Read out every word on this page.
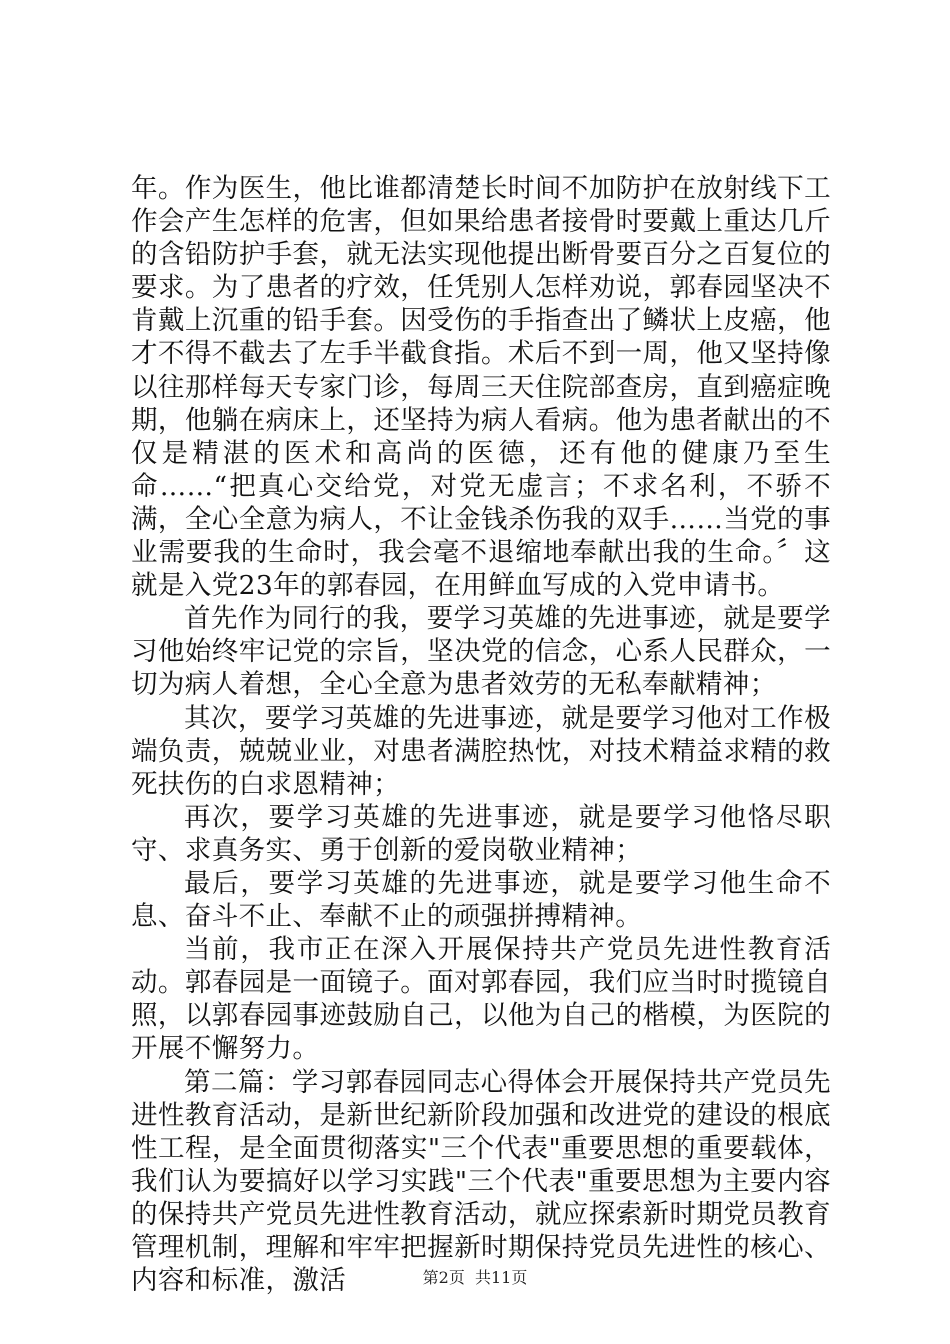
年。作为医生，他比谁都清楚长时间不加防护在放射线下工作会产生怎样的危害，但如果给患者接骨时要戴上重达几斤的含铅防护手套，就无法实现他提出断骨要百分之百复位的要求。为了患者的疗效，任凭别人怎样劝说，郭春园坚决不肯戴上沉重的铅手套。因受伤的手指查出了鳞状上皮癌，他才不得不截去了左手半截食指。术后不到一周，他又坚持像以往那样每天专家门诊，每周三天住院部查房，直到癌症晚期，他躺在病床上，还坚持为病人看病。他为患者献出的不仅是精湛的医术和高尚的医德，还有他的健康乃至生命……“把真心交给党，对党无虚言；不求名利，不骄不满，全心全意为病人，不让金钱杀伤我的双手……当党的事业需要我的生命时，我会毫不退缩地奉献出我的生命。〞这就是入党23年的郭春园，在用鲜血写成的入党申请书。

首先作为同行的我，要学习英雄的先进事迹，就是要学习他始终牢记党的宗旨，坚决党的信念，心系人民群众，一切为病人着想，全心全意为患者效劳的无私奉献精神；

其次，要学习英雄的先进事迹，就是要学习他对工作极端负责，兢兢业业，对患者满腔热忱，对技术精益求精的救死扶伤的白求恩精神；

再次，要学习英雄的先进事迹，就是要学习他恪尽职守、求真务实、勇于创新的爱岗敬业精神；

最后，要学习英雄的先进事迹，就是要学习他生命不息、奋斗不止、奉献不止的顽强拼搏精神。

当前，我市正在深入开展保持共产党员先进性教育活动。郭春园是一面镜子。面对郭春园，我们应当时时揽镜自照，以郭春园事迹鼓励自己，以他为自己的楷模，为医院的开展不懈努力。

第二篇：学习郭春园同志心得体会开展保持共产党员先进性教育活动，是新世纪新阶段加强和改进党的建设的根底性工程，是全面贯彻落实"三个代表"重要思想的重要载体，我们认为要搞好以学习实践"三个代表"重要思想为主要内容的保持共产党员先进性教育活动，就应探索新时期党员教育管理机制，理解和牢牢把握新时期保持党员先进性的核心、内容和标准，激活	第2页  共11页
